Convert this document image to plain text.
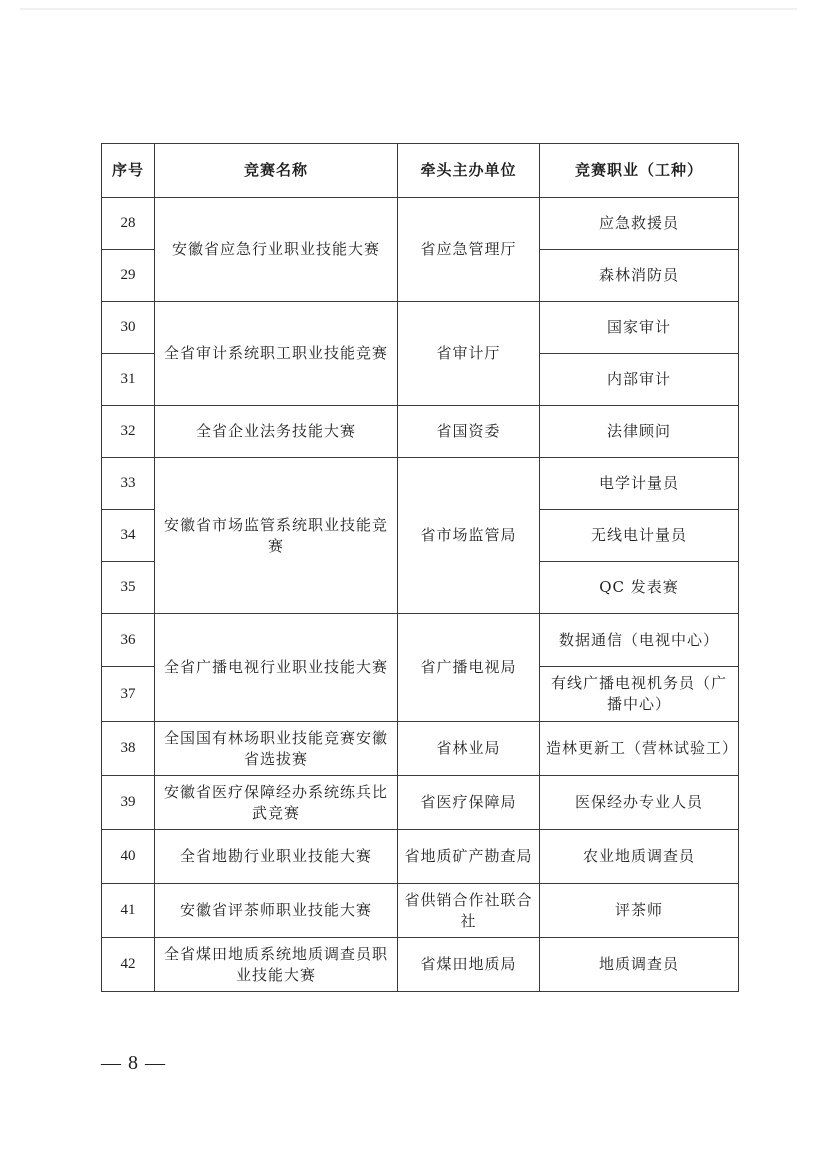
序号	竞赛名称	牵头主办单位	竞赛职业（工种）
28	安徽省应急行业职业技能大赛	省应急管理厅	应急救援员
29			森林消防员
30	全省审计系统职工职业技能竞赛	省审计厅	国家审计
31			内部审计
32	全省企业法务技能大赛	省国资委	法律顾问
33	安徽省市场监管系统职业技能竞赛	省市场监管局	电学计量员
34			无线电计量员
35			QC 发表赛
36	全省广播电视行业职业技能大赛	省广播电视局	数据通信（电视中心）
37			有线广播电视机务员（广播中心）
38	全国国有林场职业技能竞赛安徽省选拔赛	省林业局	造林更新工（营林试验工）
39	安徽省医疗保障经办系统练兵比武竞赛	省医疗保障局	医保经办专业人员
40	全省地勘行业职业技能大赛	省地质矿产勘查局	农业地质调查员
41	安徽省评茶师职业技能大赛	省供销合作社联合社	评茶师
42	全省煤田地质系统地质调查员职业技能大赛	省煤田地质局	地质调查员
— 8 —
